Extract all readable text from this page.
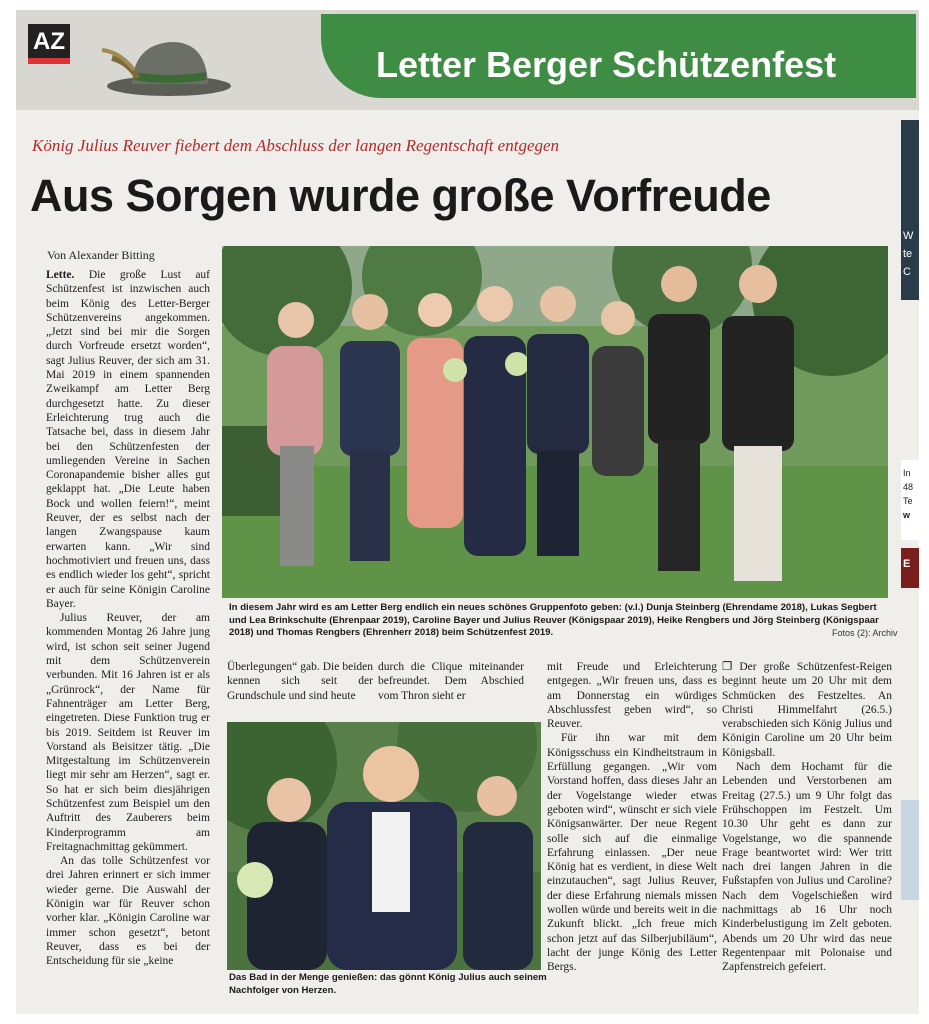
AZ
Letter Berger Schützenfest
König Julius Reuver fiebert dem Abschluss der langen Regentschaft entgegen
Aus Sorgen wurde große Vorfreude
Von Alexander Bitting

Lette. Die große Lust auf Schützenfest ist inzwischen auch beim König des Letter-Berger Schützenvereins angekommen. „Jetzt sind bei mir die Sorgen durch Vorfreude ersetzt worden“, sagt Julius Reuver, der sich am 31. Mai 2019 in einem spannenden Zweikampf am Letter Berg durchgesetzt hatte. Zu dieser Erleichterung trug auch die Tatsache bei, dass in diesem Jahr bei den Schützenfesten der umliegenden Vereine in Sachen Coronapandemie bisher alles gut geklappt hat. „Die Leute haben Bock und wollen feiern!“, meint Reuver, der es selbst nach der langen Zwangspause kaum erwarten kann. „Wir sind hochmotiviert und freuen uns, dass es endlich wieder los geht“, spricht er auch für seine Königin Caroline Bayer.

Julius Reuver, der am kommenden Montag 26 Jahre jung wird, ist schon seit seiner Jugend mit dem Schützenverein verbunden. Mit 16 Jahren ist er als „Grünrock“, der Name für Fahnenträger am Letter Berg, eingetreten. Diese Funktion trug er bis 2019. Seitdem ist Reuver im Vorstand als Beisitzer tätig. „Die Mitgestaltung im Schützenverein liegt mir sehr am Herzen“, sagt er. So hat er sich beim diesjährigen Schützenfest zum Beispiel um den Auftritt des Zauberers beim Kinderprogramm am Freitagnachmittag gekümmert.

An das tolle Schützenfest vor drei Jahren erinnert er sich immer wieder gerne. Die Auswahl der Königin war für Reuver schon vorher klar. „Königin Caroline war immer schon gesetzt“, betont Reuver, dass es bei der Entscheidung für sie „keine

In diesem Jahr wird es am Letter Berg endlich ein neues schönes Gruppenfoto geben: (v.l.) Dunja Steinberg (Ehrendame 2018), Lukas Segbert und Lea Brinkschulte (Ehrenpaar 2019), Caroline Bayer und Julius Reuver (Königspaar 2019), Heike Rengbers und Jörg Steinberg (Königspaar 2018) und Thomas Rengbers (Ehrenherr 2018) beim Schützenfest 2019.	Fotos (2): Archiv

Überlegungen“ gab. Die beiden kennen sich seit der Grundschule und sind heute

durch die Clique miteinander befreundet. Dem Abschied vom Thron sieht er

Das Bad in der Menge genießen: das gönnt König Julius auch seinem Nachfolger von Herzen.

mit Freude und Erleichterung entgegen. „Wir freuen uns, dass es am Donnerstag ein würdiges Abschlussfest geben wird“, so Reuver.

Für ihn war mit dem Königsschuss ein Kindheitstraum in Erfüllung gegangen. „Wir vom Vorstand hoffen, dass dieses Jahr an der Vogelstange wieder etwas geboten wird“, wünscht er sich viele Königsanwärter. Der neue Regent solle sich auf die einmalige Erfahrung einlassen. „Der neue König hat es verdient, in diese Welt einzutauchen“, sagt Julius Reuver, der diese Erfahrung niemals missen wollen würde und bereits weit in die Zukunft blickt. „Ich freue mich schon jetzt auf das Silberjubiläum“, lacht der junge König des Letter Bergs.

❐ Der große Schützenfest-Reigen beginnt heute um 20 Uhr mit dem Schmücken des Festzeltes. An Christi Himmelfahrt (26.5.) verabschieden sich König Julius und Königin Caroline um 20 Uhr beim Königsball.

Nach dem Hochamt für die Lebenden und Verstorbenen am Freitag (27.5.) um 9 Uhr folgt das Frühschoppen im Festzelt. Um 10.30 Uhr geht es dann zur Vogelstange, wo die spannende Frage beantwortet wird: Wer tritt nach drei langen Jahren in die Fußstapfen von Julius und Caroline? Nach dem Vogelschießen wird nachmittags ab 16 Uhr noch Kinderbelustigung im Zelt geboten. Abends um 20 Uhr wird das neue Regentenpaar mit Polonaise und Zapfenstreich gefeiert.

W
te
C
In
48
Te
w
E
